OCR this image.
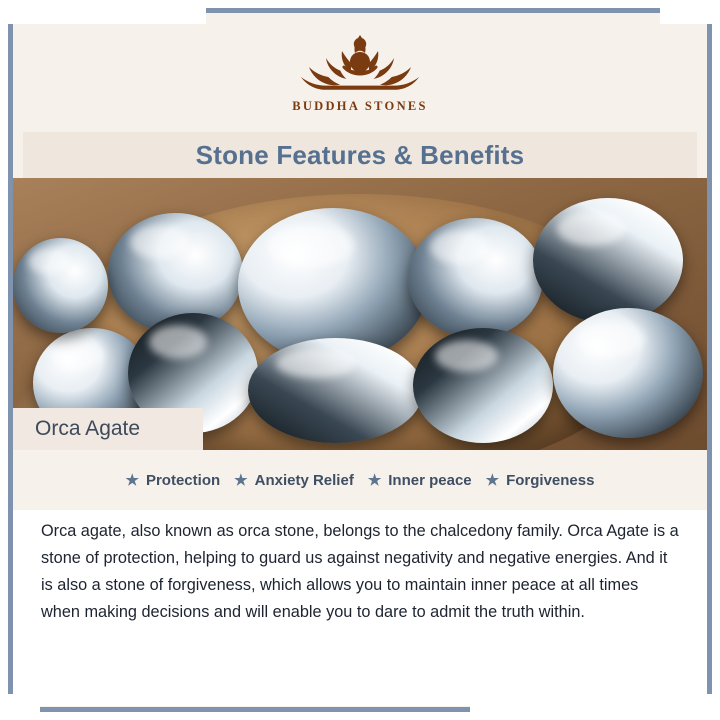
BUDDHA STONES
Stone Features & Benefits
Orca Agate
★ Protection ★ Anxiety Relief ★ Inner peace ★ Forgiveness

Orca agate, also known as orca stone, belongs to the chalcedony family. Orca Agate is a stone of protection, helping to guard us against negativity and negative energies. And it is also a stone of forgiveness, which allows you to maintain inner peace at all times when making decisions and will enable you to dare to admit the truth within.
